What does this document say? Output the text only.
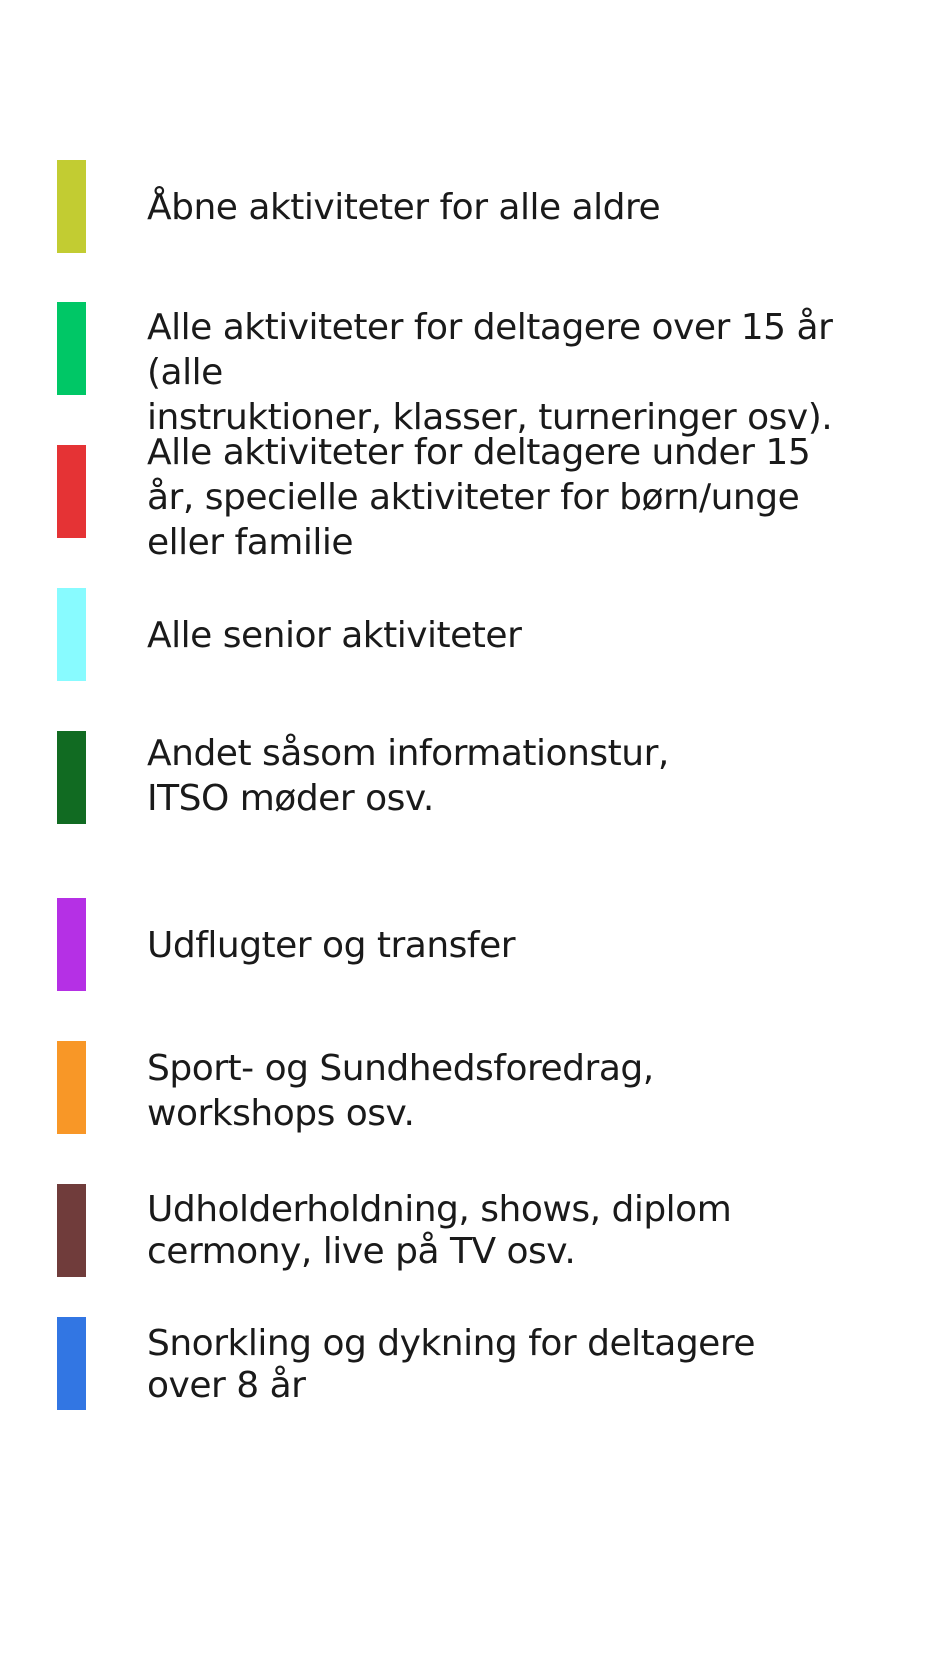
Åbne aktiviteter for alle aldre
Alle aktiviteter for deltagere over 15 år (alle
instruktioner, klasser, turneringer osv).
Alle aktiviteter for deltagere under 15
år, specielle aktiviteter for børn/unge
eller familie
Alle senior aktiviteter
Andet såsom informationstur,
ITSO møder osv.
Udflugter og transfer
Sport- og Sundhedsforedrag,
workshops osv.
Udholderholdning, shows, diplom
cermony, live på TV osv.
Snorkling og dykning for deltagere
over 8 år
